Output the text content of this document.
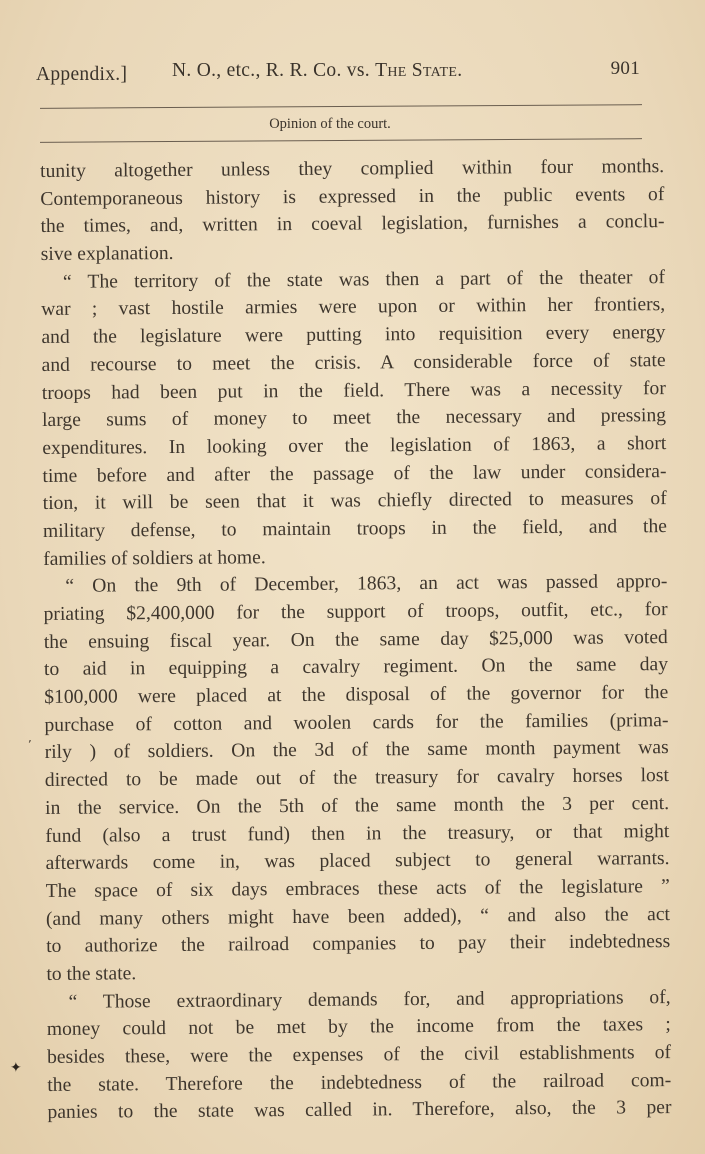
Appendix.] N. O., etc., R. R. Co. vs. The State.	901
Opinion of the court.
tunity altogether unless they complied within four months.
Contemporaneous history is expressed in the public events of
the times, and, written in coeval legislation, furnishes a conclu-
sive explanation.
“ The territory of the state was then a part of the theater of
war ; vast hostile armies were upon or within her frontiers,
and the legislature were putting into requisition every energy
and recourse to meet the crisis. A considerable force of state
troops had been put in the field. There was a necessity for
large sums of money to meet the necessary and pressing
expenditures. In looking over the legislation of 1863, a short
time before and after the passage of the law under considera-
tion, it will be seen that it was chiefly directed to measures of
military defense, to maintain troops in the field, and the
families of soldiers at home.
“ On the 9th of December, 1863, an act was passed appro-
priating $2,400,000 for the support of troops, outfit, etc., for
the ensuing fiscal year. On the same day $25,000 was voted
to aid in equipping a cavalry regiment. On the same day
$100,000 were placed at the disposal of the governor for the
purchase of cotton and woolen cards for the families (prima-
rily ) of soldiers. On the 3d of the same month payment was
directed to be made out of the treasury for cavalry horses lost
in the service. On the 5th of the same month the 3 per cent.
fund (also a trust fund) then in the treasury, or that might
afterwards come in, was placed subject to general warrants.
The space of six days embraces these acts of the legislature ”
(and many others might have been added), “ and also the act
to authorize the railroad companies to pay their indebtedness
to the state.
“ Those extraordinary demands for, and appropriations of,
money could not be met by the income from the taxes ;
besides these, were the expenses of the civil establishments of
the state. Therefore the indebtedness of the railroad com-
panies to the state was called in. Therefore, also, the 3 per
’
✦
